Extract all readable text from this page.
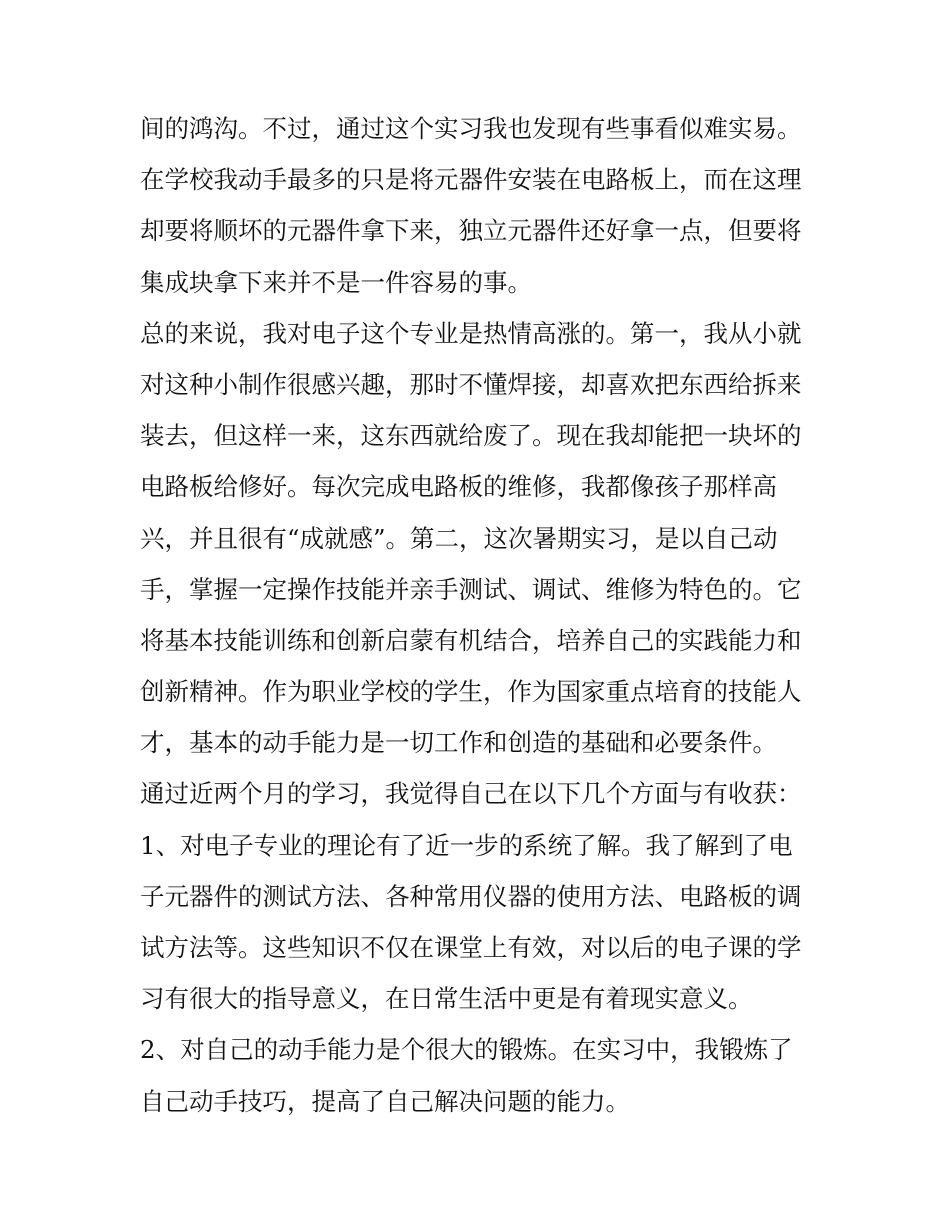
间的鸿沟。不过，通过这个实习我也发现有些事看似难实易。
在学校我动手最多的只是将元器件安装在电路板上，而在这理
却要将顺坏的元器件拿下来，独立元器件还好拿一点，但要将
集成块拿下来并不是一件容易的事。
总的来说，我对电子这个专业是热情高涨的。第一，我从小就
对这种小制作很感兴趣，那时不懂焊接，却喜欢把东西给拆来
装去，但这样一来，这东西就给废了。现在我却能把一块坏的
电路板给修好。每次完成电路板的维修，我都像孩子那样高
兴，并且很有“成就感”。第二，这次暑期实习，是以自己动
手，掌握一定操作技能并亲手测试、调试、维修为特色的。它
将基本技能训练和创新启蒙有机结合，培养自己的实践能力和
创新精神。作为职业学校的学生，作为国家重点培育的技能人
才，基本的动手能力是一切工作和创造的基础和必要条件。
通过近两个月的学习，我觉得自己在以下几个方面与有收获：
1、对电子专业的理论有了近一步的系统了解。我了解到了电
子元器件的测试方法、各种常用仪器的使用方法、电路板的调
试方法等。这些知识不仅在课堂上有效，对以后的电子课的学
习有很大的指导意义，在日常生活中更是有着现实意义。
2、对自己的动手能力是个很大的锻炼。在实习中，我锻炼了
自己动手技巧，提高了自己解决问题的能力。
